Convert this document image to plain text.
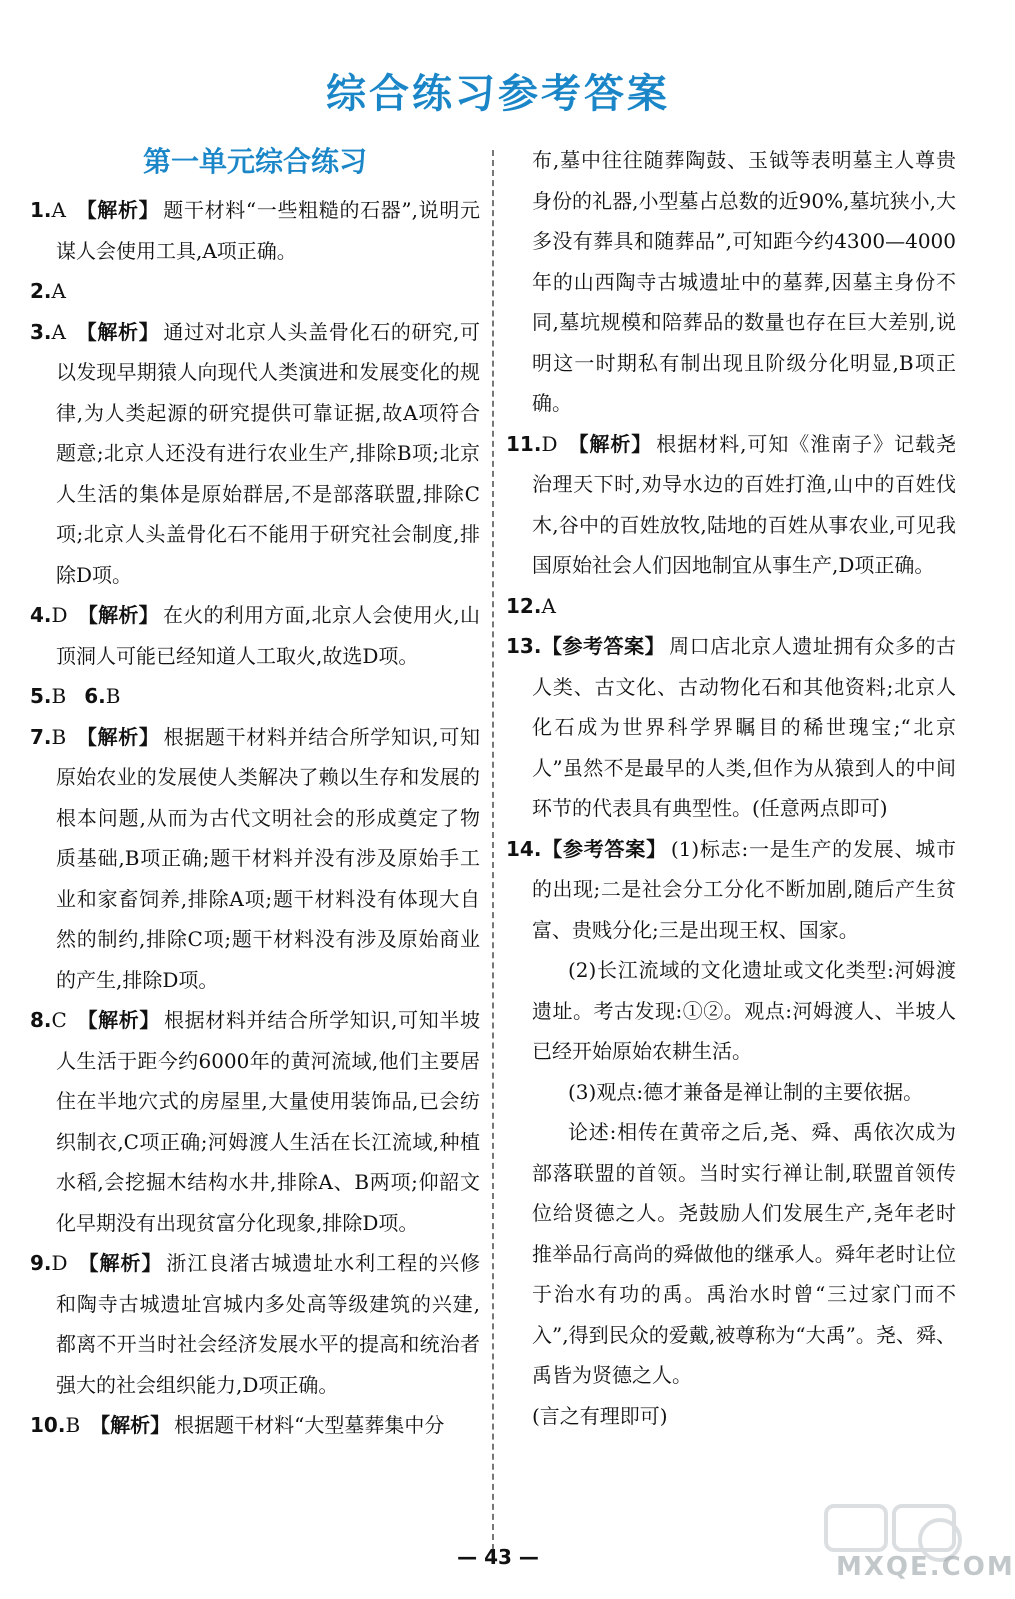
综合练习参考答案
第一单元综合练习

1.A 【解析】 题干材料“一些粗糙的石器”,说明元谋人会使用工具,A项正确。

2.A

3.A 【解析】 通过对北京人头盖骨化石的研究,可以发现早期猿人向现代人类演进和发展变化的规律,为人类起源的研究提供可靠证据,故A项符合题意;北京人还没有进行农业生产,排除B项;北京人生活的集体是原始群居,不是部落联盟,排除C项;北京人头盖骨化石不能用于研究社会制度,排除D项。

4.D 【解析】 在火的利用方面,北京人会使用火,山顶洞人可能已经知道人工取火,故选D项。

5.B 6.B

7.B 【解析】 根据题干材料并结合所学知识,可知原始农业的发展使人类解决了赖以生存和发展的根本问题,从而为古代文明社会的形成奠定了物质基础,B项正确;题干材料并没有涉及原始手工业和家畜饲养,排除A项;题干材料没有体现大自然的制约,排除C项;题干材料没有涉及原始商业的产生,排除D项。

8.C 【解析】 根据材料并结合所学知识,可知半坡人生活于距今约6000年的黄河流域,他们主要居住在半地穴式的房屋里,大量使用装饰品,已会纺织制衣,C项正确;河姆渡人生活在长江流域,种植水稻,会挖掘木结构水井,排除A、B两项;仰韶文化早期没有出现贫富分化现象,排除D项。

9.D 【解析】 浙江良渚古城遗址水利工程的兴修和陶寺古城遗址宫城内多处高等级建筑的兴建,都离不开当时社会经济发展水平的提高和统治者强大的社会组织能力,D项正确。

10.B 【解析】 根据题干材料“大型墓葬集中分

布,墓中往往随葬陶鼓、玉钺等表明墓主人尊贵身份的礼器,小型墓占总数的近90%,墓坑狭小,大多没有葬具和随葬品”,可知距今约4300—4000年的山西陶寺古城遗址中的墓葬,因墓主身份不同,墓坑规模和陪葬品的数量也存在巨大差别,说明这一时期私有制出现且阶级分化明显,B项正确。

11.D 【解析】 根据材料,可知《淮南子》记载尧治理天下时,劝导水边的百姓打渔,山中的百姓伐木,谷中的百姓放牧,陆地的百姓从事农业,可见我国原始社会人们因地制宜从事生产,D项正确。

12.A

13.【参考答案】 周口店北京人遗址拥有众多的古人类、古文化、古动物化石和其他资料;北京人化石成为世界科学界瞩目的稀世瑰宝;“北京人”虽然不是最早的人类,但作为从猿到人的中间环节的代表具有典型性。(任意两点即可)

14.【参考答案】 (1)标志:一是生产的发展、城市的出现;二是社会分工分化不断加剧,随后产生贫富、贵贱分化;三是出现王权、国家。

(2)长江流域的文化遗址或文化类型:河姆渡遗址。考古发现:①②。观点:河姆渡人、半坡人已经开始原始农耕生活。

(3)观点:德才兼备是禅让制的主要依据。

论述:相传在黄帝之后,尧、舜、禹依次成为部落联盟的首领。当时实行禅让制,联盟首领传位给贤德之人。尧鼓励人们发展生产,尧年老时推举品行高尚的舜做他的继承人。舜年老时让位于治水有功的禹。禹治水时曾“三过家门而不入”,得到民众的爱戴,被尊称为“大禹”。尧、舜、禹皆为贤德之人。

(言之有理即可)

MXQE.COM
— 43 —
